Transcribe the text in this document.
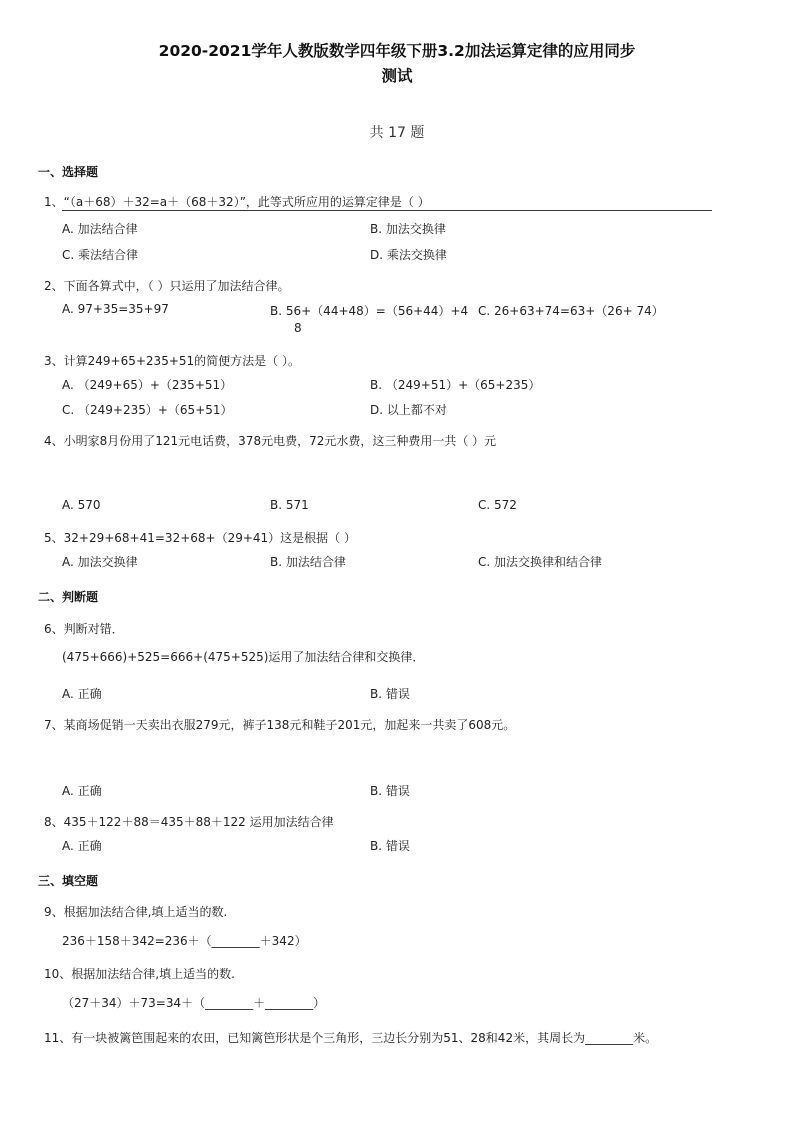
2020-2021学年人教版数学四年级下册3.2加法运算定律的应用同步
测试
共 17 题
一、选择题
1、“（a＋68）＋32=a＋（68＋32）”，此等式所应用的运算定律是（ ）
A. 加法结合律	B. 加法交换律
C. 乘法结合律	D. 乘法交换律
2、下面各算式中，（ ）只运用了加法结合律。
A. 97+35=35+97	B. 56+（44+48）=（56+44）+4
8
C. 26+63+74=63+（26+ 74）
3、计算249+65+235+51的简便方法是（ ）。
A. （249+65）+（235+51）	B. （249+51）+（65+235）
C. （249+235）+（65+51）	D. 以上都不对
4、小明家8月份用了121元电话费，378元电费，72元水费，这三种费用一共（ ）元
A. 570	B. 571	C. 572
5、32+29+68+41=32+68+（29+41）这是根据（ ）
A. 加法交换律	B. 加法结合律	C. 加法交换律和结合律
二、判断题
6、判断对错．
(475+666)+525=666+(475+525)运用了加法结合律和交换律．
A. 正确	B. 错误
7、某商场促销一天卖出衣服279元，裤子138元和鞋子201元，加起来一共卖了608元。
A. 正确	B. 错误
8、435＋122＋88＝435＋88＋122 运用加法结合律
A. 正确	B. 错误
三、填空题
9、根据加法结合律,填上适当的数.
236＋158＋342=236＋（________＋342）
10、根据加法结合律,填上适当的数.
（27＋34）＋73=34＋（________＋________）
11、有一块被篱笆围起来的农田，已知篱笆形状是个三角形，三边长分别为51、28和42米，其周长为________米。
